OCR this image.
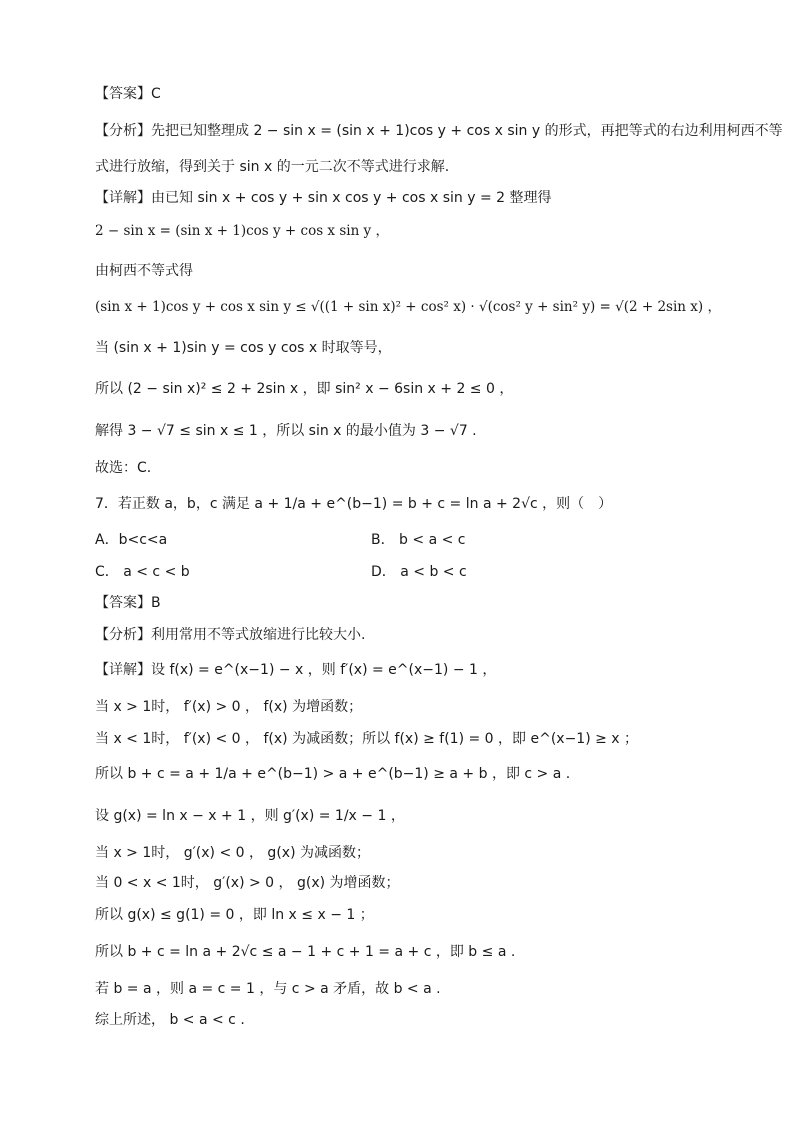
【答案】C
【分析】先把已知整理成 2 − sin x = (sin x + 1)cos y + cos x sin y 的形式，再把等式的右边利用柯西不等
式进行放缩，得到关于 sin x 的一元二次不等式进行求解.
【详解】由已知 sin x + cos y + sin x cos y + cos x sin y = 2 整理得
2 − sin x = (sin x + 1)cos y + cos x sin y ，
由柯西不等式得
(sin x + 1)cos y + cos x sin y ≤ √((1 + sin x)² + cos² x) · √(cos² y + sin² y) = √(2 + 2sin x) ，
当 (sin x + 1)sin y = cos y cos x 时取等号，
所以 (2 − sin x)² ≤ 2 + 2sin x ，即 sin² x − 6sin x + 2 ≤ 0 ，
解得 3 − √7 ≤ sin x ≤ 1 ，所以 sin x 的最小值为 3 − √7 .
故选：C.
7．若正数 a，b，c 满足 a + 1/a + e^(b−1) = b + c = ln a + 2√c ，则（　）
A．b<c<a	B． b < a < c
C． a < c < b	D． a < b < c
【答案】B
【分析】利用常用不等式放缩进行比较大小.
【详解】设 f(x) = e^(x−1) − x ，则 f′(x) = e^(x−1) − 1 ，
当 x > 1时， f′(x) > 0 ， f(x) 为增函数；
当 x < 1时， f′(x) < 0 ， f(x) 为减函数；所以 f(x) ≥ f(1) = 0 ，即 e^(x−1) ≥ x ；
所以 b + c = a + 1/a + e^(b−1) > a + e^(b−1) ≥ a + b ，即 c > a .
设 g(x) = ln x − x + 1 ，则 g′(x) = 1/x − 1 ，
当 x > 1时， g′(x) < 0 ， g(x) 为减函数；
当 0 < x < 1时， g′(x) > 0 ， g(x) 为增函数；
所以 g(x) ≤ g(1) = 0 ，即 ln x ≤ x − 1 ；
所以 b + c = ln a + 2√c ≤ a − 1 + c + 1 = a + c ，即 b ≤ a .
若 b = a ，则 a = c = 1 ，与 c > a 矛盾，故 b < a .
综上所述， b < a < c .
